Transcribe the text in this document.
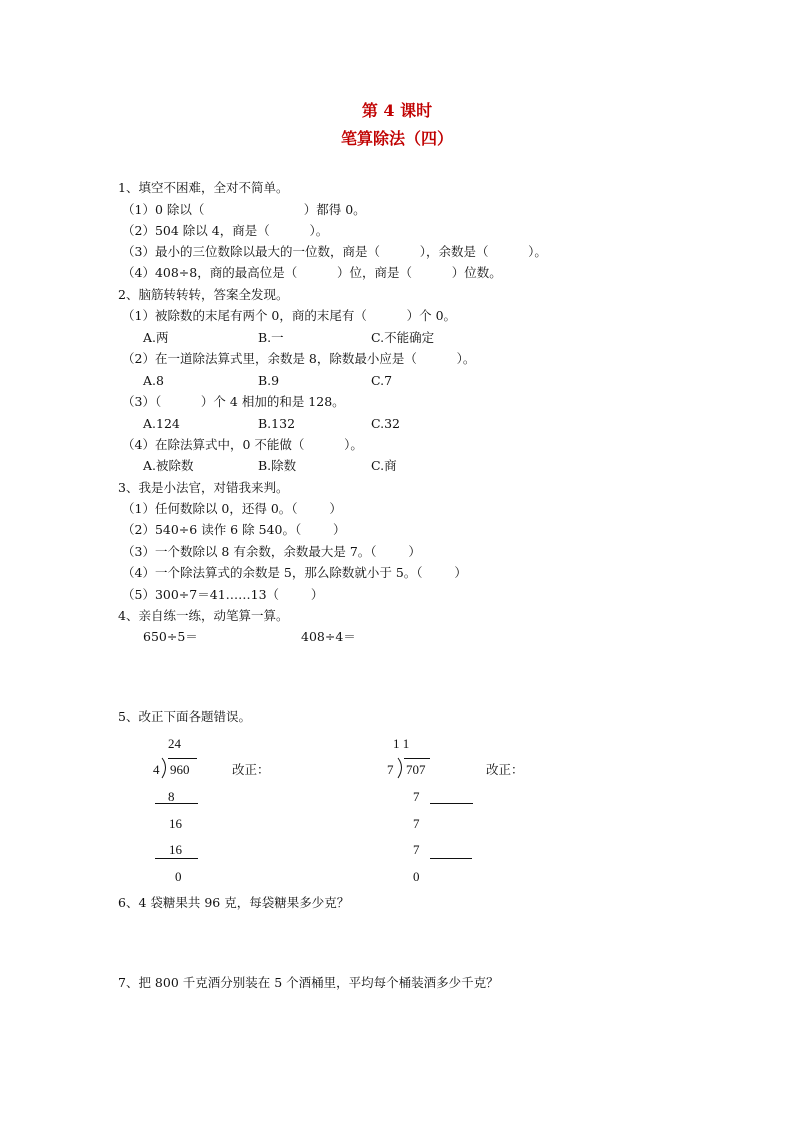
第 4 课时
笔算除法（四）
1、填空不困难，全对不简单。
（1）0 除以（                         ）都得 0。
（2）504 除以 4，商是（          ）。
（3）最小的三位数除以最大的一位数，商是（          ），余数是（          ）。
（4）408÷8，商的最高位是（          ）位，商是（          ）位数。
2、脑筋转转转，答案全发现。
（1）被除数的末尾有两个 0，商的末尾有（          ）个 0。
A.两	B.一	C.不能确定
（2）在一道除法算式里，余数是 8，除数最小应是（          ）。
A.8	B.9	C.7
（3）（          ）个 4 相加的和是 128。
A.124	B.132	C.32
（4）在除法算式中，0 不能做（          ）。
A.被除数	B.除数	C.商
3、我是小法官，对错我来判。
（1）任何数除以 0，还得 0。（        ）
（2）540÷6 读作 6 除 540。（        ）
（3）一个数除以 8 有余数，余数最大是 7。（        ）
（4）一个除法算式的余数是 5，那么除数就小于 5。（        ）
（5）300÷7＝41……13（        ）
4、亲自练一练，动笔算一算。
650÷5＝	408÷4＝
5、改正下面各题错误。
24
4 960	改正：
8
16
16
0
1 1
7 707	改正：
7
7
7
0
6、4 袋糖果共 96 克，每袋糖果多少克？
7、把 800 千克酒分别装在 5 个酒桶里，平均每个桶装酒多少千克？
